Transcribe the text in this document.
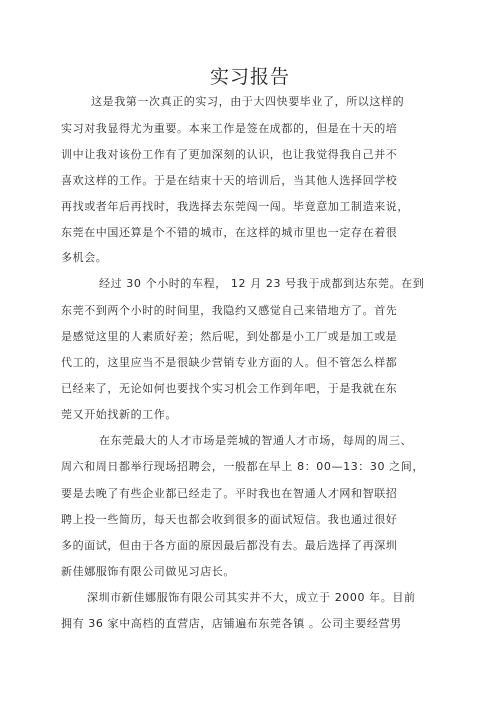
实习报告
这是我第一次真正的实习，由于大四快要毕业了，所以这样的
实习对我显得尤为重要。本来工作是签在成都的，但是在十天的培
训中让我对该份工作有了更加深刻的认识，也让我觉得我自己并不
喜欢这样的工作。于是在结束十天的培训后，当其他人选择回学校
再找或者年后再找时，我选择去东莞闯一闯。毕竟意加工制造来说，
东莞在中国还算是个不错的城市，在这样的城市里也一定存在着很
多机会。
经过 30 个小时的车程， 12 月 23 号我于成都到达东莞。在到
东莞不到两个小时的时间里，我隐约又感觉自己来错地方了。首先
是感觉这里的人素质好差；然后呢，到处都是小工厂或是加工或是
代工的，这里应当不是很缺少营销专业方面的人。但不管怎么样都
已经来了，无论如何也要找个实习机会工作到年吧，于是我就在东
莞又开始找新的工作。
在东莞最大的人才市场是莞城的智通人才市场，每周的周三、
周六和周日都举行现场招聘会，一般都在早上 8：00—13：30 之间，
要是去晚了有些企业都已经走了。平时我也在智通人才网和智联招
聘上投一些简历，每天也都会收到很多的面试短信。我也通过很好
多的面试，但由于各方面的原因最后都没有去。最后选择了再深圳
新佳娜服饰有限公司做见习店长。
深圳市新佳娜服饰有限公司其实并不大，成立于 2000 年。目前
拥有 36 家中高档的直营店，店铺遍布东莞各镇 。公司主要经营男
